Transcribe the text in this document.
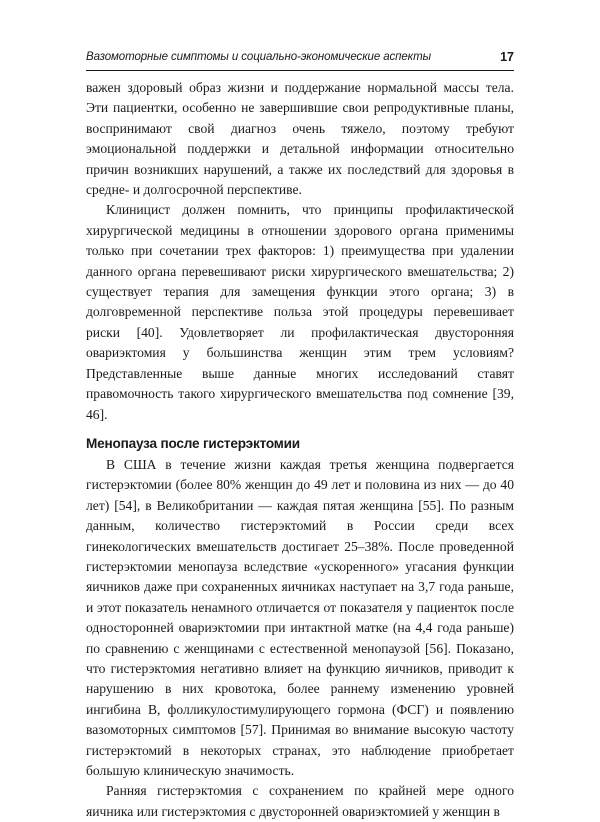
Вазомоторные симптомы и социально-экономические аспекты	17

важен здоровый образ жизни и поддержание нормальной массы тела. Эти пациентки, особенно не завершившие свои репродуктивные планы, воспринимают свой диагноз очень тяжело, поэтому требуют эмоциональной поддержки и детальной информации относительно причин возникших нарушений, а также их последствий для здоровья в средне- и долгосрочной перспективе.

Клиницист должен помнить, что принципы профилактической хирургической медицины в отношении здорового органа применимы только при сочетании трех факторов: 1) преимущества при удалении данного органа перевешивают риски хирургического вмешательства; 2) существует терапия для замещения функции этого органа; 3) в долговременной перспективе польза этой процедуры перевешивает риски [40]. Удовлетворяет ли профилактическая двусторонняя овариэктомия у большинства женщин этим трем условиям? Представленные выше данные многих исследований ставят правомочность такого хирургического вмешательства под сомнение [39, 46].

Менопауза после гистерэктомии

В США в течение жизни каждая третья женщина подвергается гистерэктомии (более 80% женщин до 49 лет и половина из них — до 40 лет) [54], в Великобритании — каждая пятая женщина [55]. По разным данным, количество гистерэктомий в России среди всех гинекологических вмешательств достигает 25–38%. После проведенной гистерэктомии менопауза вследствие «ускоренного» угасания функции яичников даже при сохраненных яичниках наступает на 3,7 года раньше, и этот показатель ненамного отличается от показателя у пациенток после односторонней овариэктомии при интактной матке (на 4,4 года раньше) по сравнению с женщинами с естественной менопаузой [56]. Показано, что гистерэктомия негативно влияет на функцию яичников, приводит к нарушению в них кровотока, более раннему изменению уровней ингибина В, фолликулостимулирующего гормона (ФСГ) и появлению вазомоторных симптомов [57]. Принимая во внимание высокую частоту гистерэктомий в некоторых странах, это наблюдение приобретает большую клиническую значимость.

Ранняя гистерэктомия с сохранением по крайней мере одного яичника или гистерэктомия с двусторонней овариэктомией у женщин в
